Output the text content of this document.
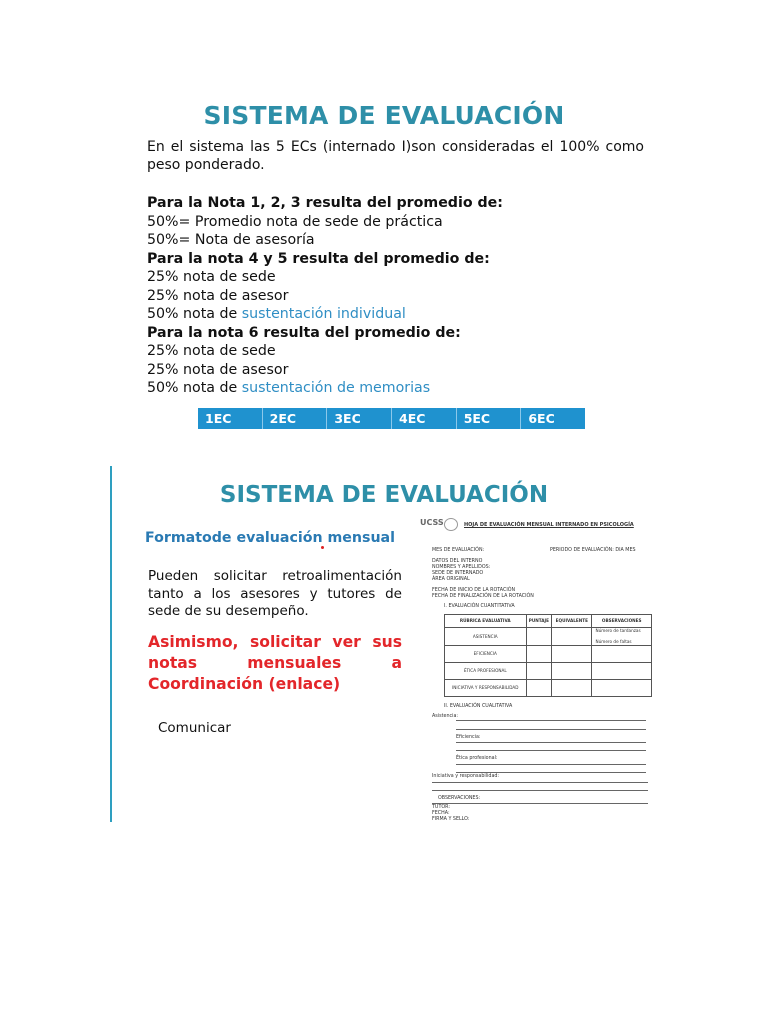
SISTEMA DE EVALUACIÓN
En el sistema las 5 ECs (internado I)son consideradas el 100% como peso ponderado.
Para la Nota 1, 2, 3 resulta del promedio de:
50%= Promedio nota de sede de práctica
50%= Nota de asesoría
Para la nota 4 y 5 resulta del promedio de:
25% nota de sede
25% nota de asesor
50% nota de sustentación individual
Para la nota 6 resulta del promedio de:
25% nota de sede
25% nota de asesor
50% nota de sustentación de memorias
1EC	2EC	3EC	4EC	5EC	6EC
SISTEMA DE EVALUACIÓN
Formatode evaluación mensual
Pueden solicitar retroalimentación tanto a los asesores y tutores de sede de su desempeño.
Asimismo, solicitar ver sus notas mensuales a Coordinación (enlace)
Comunicar
UCSS	HOJA DE EVALUACIÓN MENSUAL INTERNADO EN PSICOLOGÍA
MES DE EVALUACIÓN:	PERIODO DE EVALUACIÓN: DIA MES
DATOS DEL INTERNO
NOMBRES Y APELLIDOS:
SEDE DE INTERNADO
ÁREA ORIGINAL
FECHA DE INICIO DE LA ROTACIÓN
FECHA DE FINALIZACIÓN DE LA ROTACIÓN
I. EVALUACIÓN CUANTITATIVA
RÚBRICA EVALUATIVA	PUNTAJE	EQUIVALENTE	OBSERVACIONES
ASISTENCIA			Número de tardanzas
Número de faltas

EFICIENCIA			
ÉTICA PROFESIONAL			
INICIATIVA Y RESPONSABILIDAD			
II. EVALUACIÓN CUALITATIVA
Asistencia:
Eficiencia:
Ética profesional:
Iniciativa y responsabilidad:
OBSERVACIONES:
TUTOR:
FECHA:
FIRMA Y SELLO:
